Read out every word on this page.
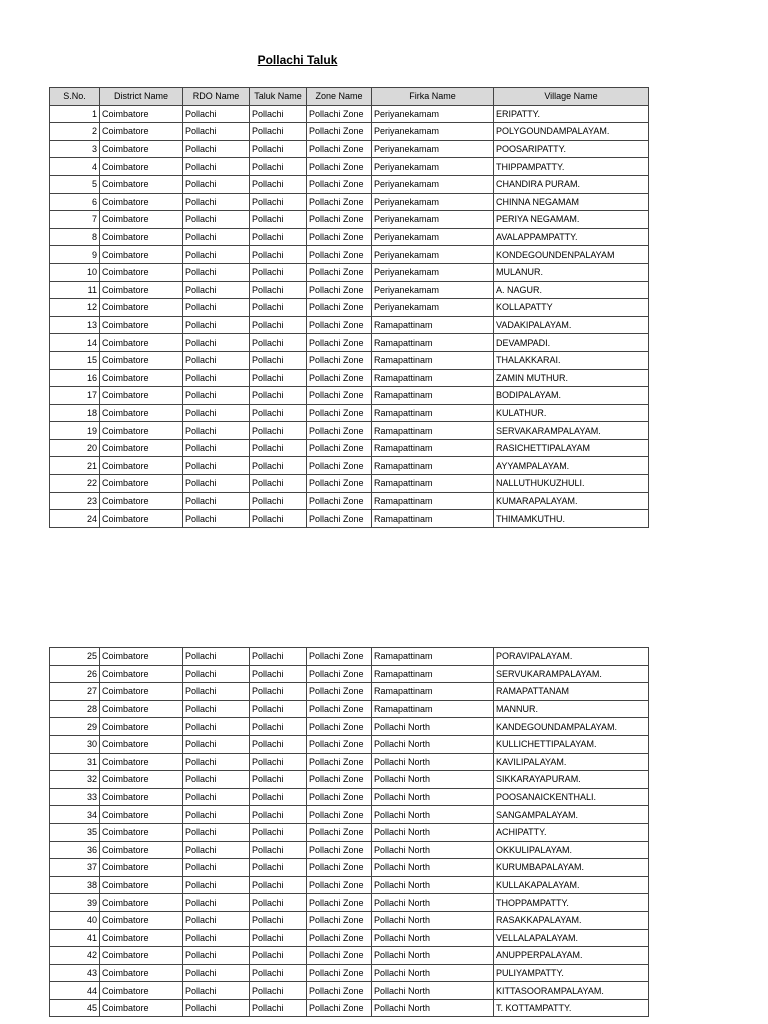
Pollachi Taluk
S.No.	District Name	RDO Name	Taluk Name	Zone Name	Firka Name	Village Name
1	Coimbatore	Pollachi	Pollachi	Pollachi Zone	Periyanekamam	ERIPATTY.
2	Coimbatore	Pollachi	Pollachi	Pollachi Zone	Periyanekamam	POLYGOUNDAMPALAYAM.
3	Coimbatore	Pollachi	Pollachi	Pollachi Zone	Periyanekamam	POOSARIPATTY.
4	Coimbatore	Pollachi	Pollachi	Pollachi Zone	Periyanekamam	THIPPAMPATTY.
5	Coimbatore	Pollachi	Pollachi	Pollachi Zone	Periyanekamam	CHANDIRA PURAM.
6	Coimbatore	Pollachi	Pollachi	Pollachi Zone	Periyanekamam	CHINNA NEGAMAM
7	Coimbatore	Pollachi	Pollachi	Pollachi Zone	Periyanekamam	PERIYA NEGAMAM.
8	Coimbatore	Pollachi	Pollachi	Pollachi Zone	Periyanekamam	AVALAPPAMPATTY.
9	Coimbatore	Pollachi	Pollachi	Pollachi Zone	Periyanekamam	KONDEGOUNDENPALAYAM
10	Coimbatore	Pollachi	Pollachi	Pollachi Zone	Periyanekamam	MULANUR.
11	Coimbatore	Pollachi	Pollachi	Pollachi Zone	Periyanekamam	A. NAGUR.
12	Coimbatore	Pollachi	Pollachi	Pollachi Zone	Periyanekamam	KOLLAPATTY
13	Coimbatore	Pollachi	Pollachi	Pollachi Zone	Ramapattinam	VADAKIPALAYAM.
14	Coimbatore	Pollachi	Pollachi	Pollachi Zone	Ramapattinam	DEVAMPADI.
15	Coimbatore	Pollachi	Pollachi	Pollachi Zone	Ramapattinam	THALAKKARAI.
16	Coimbatore	Pollachi	Pollachi	Pollachi Zone	Ramapattinam	ZAMIN MUTHUR.
17	Coimbatore	Pollachi	Pollachi	Pollachi Zone	Ramapattinam	BODIPALAYAM.
18	Coimbatore	Pollachi	Pollachi	Pollachi Zone	Ramapattinam	KULATHUR.
19	Coimbatore	Pollachi	Pollachi	Pollachi Zone	Ramapattinam	SERVAKARAMPALAYAM.
20	Coimbatore	Pollachi	Pollachi	Pollachi Zone	Ramapattinam	RASICHETTIPALAYAM
21	Coimbatore	Pollachi	Pollachi	Pollachi Zone	Ramapattinam	AYYAMPALAYAM.
22	Coimbatore	Pollachi	Pollachi	Pollachi Zone	Ramapattinam	NALLUTHUKUZHULI.
23	Coimbatore	Pollachi	Pollachi	Pollachi Zone	Ramapattinam	KUMARAPALAYAM.
24	Coimbatore	Pollachi	Pollachi	Pollachi Zone	Ramapattinam	THIMAMKUTHU.
25	Coimbatore	Pollachi	Pollachi	Pollachi Zone	Ramapattinam	PORAVIPALAYAM.
26	Coimbatore	Pollachi	Pollachi	Pollachi Zone	Ramapattinam	SERVUKARAMPALAYAM.
27	Coimbatore	Pollachi	Pollachi	Pollachi Zone	Ramapattinam	RAMAPATTANAM
28	Coimbatore	Pollachi	Pollachi	Pollachi Zone	Ramapattinam	MANNUR.
29	Coimbatore	Pollachi	Pollachi	Pollachi Zone	Pollachi North	KANDEGOUNDAMPALAYAM.
30	Coimbatore	Pollachi	Pollachi	Pollachi Zone	Pollachi North	KULLICHETTIPALAYAM.
31	Coimbatore	Pollachi	Pollachi	Pollachi Zone	Pollachi North	KAVILIPALAYAM.
32	Coimbatore	Pollachi	Pollachi	Pollachi Zone	Pollachi North	SIKKARAYAPURAM.
33	Coimbatore	Pollachi	Pollachi	Pollachi Zone	Pollachi North	POOSANAICKENTHALI.
34	Coimbatore	Pollachi	Pollachi	Pollachi Zone	Pollachi North	SANGAMPALAYAM.
35	Coimbatore	Pollachi	Pollachi	Pollachi Zone	Pollachi North	ACHIPATTY.
36	Coimbatore	Pollachi	Pollachi	Pollachi Zone	Pollachi North	OKKULIPALAYAM.
37	Coimbatore	Pollachi	Pollachi	Pollachi Zone	Pollachi North	KURUMBAPALAYAM.
38	Coimbatore	Pollachi	Pollachi	Pollachi Zone	Pollachi North	KULLAKAPALAYAM.
39	Coimbatore	Pollachi	Pollachi	Pollachi Zone	Pollachi North	THOPPAMPATTY.
40	Coimbatore	Pollachi	Pollachi	Pollachi Zone	Pollachi North	RASAKKAPALAYAM.
41	Coimbatore	Pollachi	Pollachi	Pollachi Zone	Pollachi North	VELLALAPALAYAM.
42	Coimbatore	Pollachi	Pollachi	Pollachi Zone	Pollachi North	ANUPPERPALAYAM.
43	Coimbatore	Pollachi	Pollachi	Pollachi Zone	Pollachi North	PULIYAMPATTY.
44	Coimbatore	Pollachi	Pollachi	Pollachi Zone	Pollachi North	KITTASOORAMPALAYAM.
45	Coimbatore	Pollachi	Pollachi	Pollachi Zone	Pollachi North	T. KOTTAMPATTY.
